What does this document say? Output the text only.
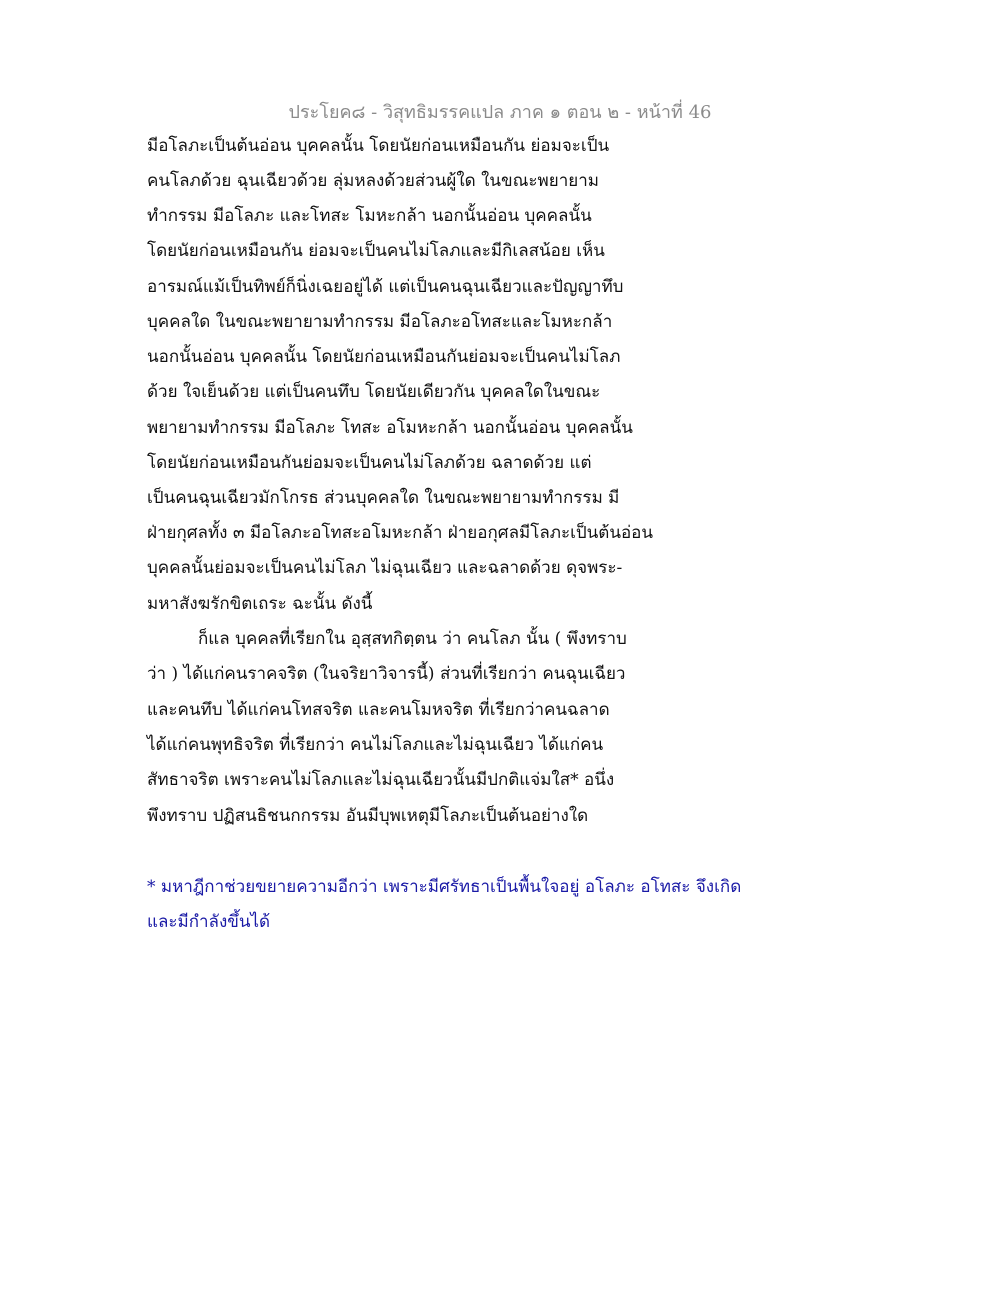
ประโยค๘ - วิสุทธิมรรคแปล ภาค ๑ ตอน ๒ - หน้าที่ 46
มีอโลภะเป็นต้นอ่อน บุคคลนั้น โดยนัยก่อนเหมือนกัน ย่อมจะเป็น
คนโลภด้วย ฉุนเฉียวด้วย ลุ่มหลงด้วยส่วนผู้ใด ในขณะพยายาม
ทำกรรม มีอโลภะ และโทสะ โมหะกล้า นอกนั้นอ่อน บุคคลนั้น
โดยนัยก่อนเหมือนกัน ย่อมจะเป็นคนไม่โลภและมีกิเลสน้อย เห็น
อารมณ์แม้เป็นทิพย์ก็นิ่งเฉยอยู่ได้ แต่เป็นคนฉุนเฉียวและปัญญาทึบ
บุคคลใด ในขณะพยายามทำกรรม มีอโลภะอโทสะและโมหะกล้า
นอกนั้นอ่อน บุคคลนั้น โดยนัยก่อนเหมือนกันย่อมจะเป็นคนไม่โลภ
ด้วย ใจเย็นด้วย แต่เป็นคนทึบ โดยนัยเดียวกัน บุคคลใดในขณะ
พยายามทำกรรม มีอโลภะ โทสะ อโมหะกล้า นอกนั้นอ่อน บุคคลนั้น
โดยนัยก่อนเหมือนกันย่อมจะเป็นคนไม่โลภด้วย ฉลาดด้วย แต่
เป็นคนฉุนเฉียวมักโกรธ ส่วนบุคคลใด ในขณะพยายามทำกรรม มี
ฝ่ายกุศลทั้ง ๓ มีอโลภะอโทสะอโมหะกล้า ฝ่ายอกุศลมีโลภะเป็นต้นอ่อน
บุคคลนั้นย่อมจะเป็นคนไม่โลภ ไม่ฉุนเฉียว และฉลาดด้วย ดุจพระ-
มหาสังฆรักขิตเถระ ฉะนั้น ดังนี้
ก็แล บุคคลที่เรียกใน อุสฺสทกิตฺตน ว่า คนโลภ นั้น ( พึงทราบ
ว่า ) ได้แก่คนราคจริต (ในจริยาวิจารนี้) ส่วนที่เรียกว่า คนฉุนเฉียว
และคนทึบ ได้แก่คนโทสจริต และคนโมหจริต ที่เรียกว่าคนฉลาด
ได้แก่คนพุทธิจริต ที่เรียกว่า คนไม่โลภและไม่ฉุนเฉียว ได้แก่คน
สัทธาจริต เพราะคนไม่โลภและไม่ฉุนเฉียวนั้นมีปกติแจ่มใส* อนึ่ง
พึงทราบ ปฏิสนธิชนกกรรม อันมีบุพเหตุมีโลภะเป็นต้นอย่างใด
* มหาฎีกาช่วยขยายความอีกว่า เพราะมีศรัทธาเป็นพื้นใจอยู่ อโลภะ อโทสะ จึงเกิด
และมีกำลังขึ้นได้
